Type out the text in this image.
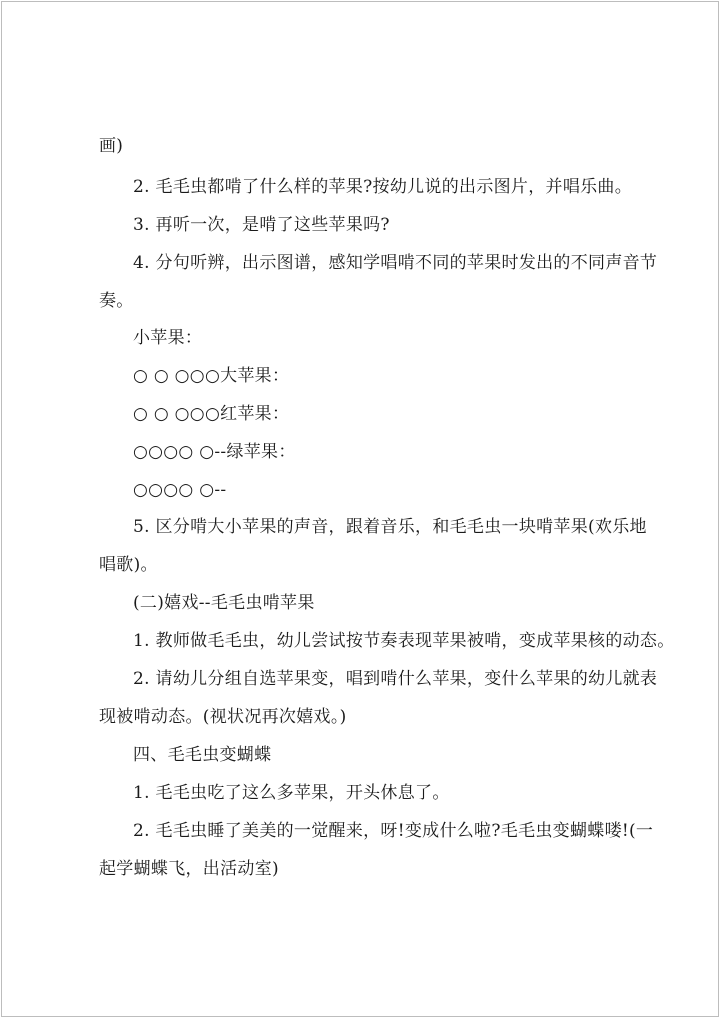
画)
2. 毛毛虫都啃了什么样的苹果?按幼儿说的出示图片，并唱乐曲。
3. 再听一次，是啃了这些苹果吗?
4. 分句听辨，出示图谱，感知学唱啃不同的苹果时发出的不同声音节
奏。
小苹果：
○ ○ ○○○大苹果：
○ ○ ○○○红苹果：
○○○○ ○--绿苹果：
○○○○ ○--
5. 区分啃大小苹果的声音，跟着音乐，和毛毛虫一块啃苹果(欢乐地
唱歌)。
(二)嬉戏--毛毛虫啃苹果
1. 教师做毛毛虫，幼儿尝试按节奏表现苹果被啃，变成苹果核的动态。
2. 请幼儿分组自选苹果变，唱到啃什么苹果，变什么苹果的幼儿就表
现被啃动态。(视状况再次嬉戏。)
四、毛毛虫变蝴蝶
1. 毛毛虫吃了这么多苹果，开头休息了。
2. 毛毛虫睡了美美的一觉醒来，呀!变成什么啦?毛毛虫变蝴蝶喽!(一
起学蝴蝶飞，出活动室)
